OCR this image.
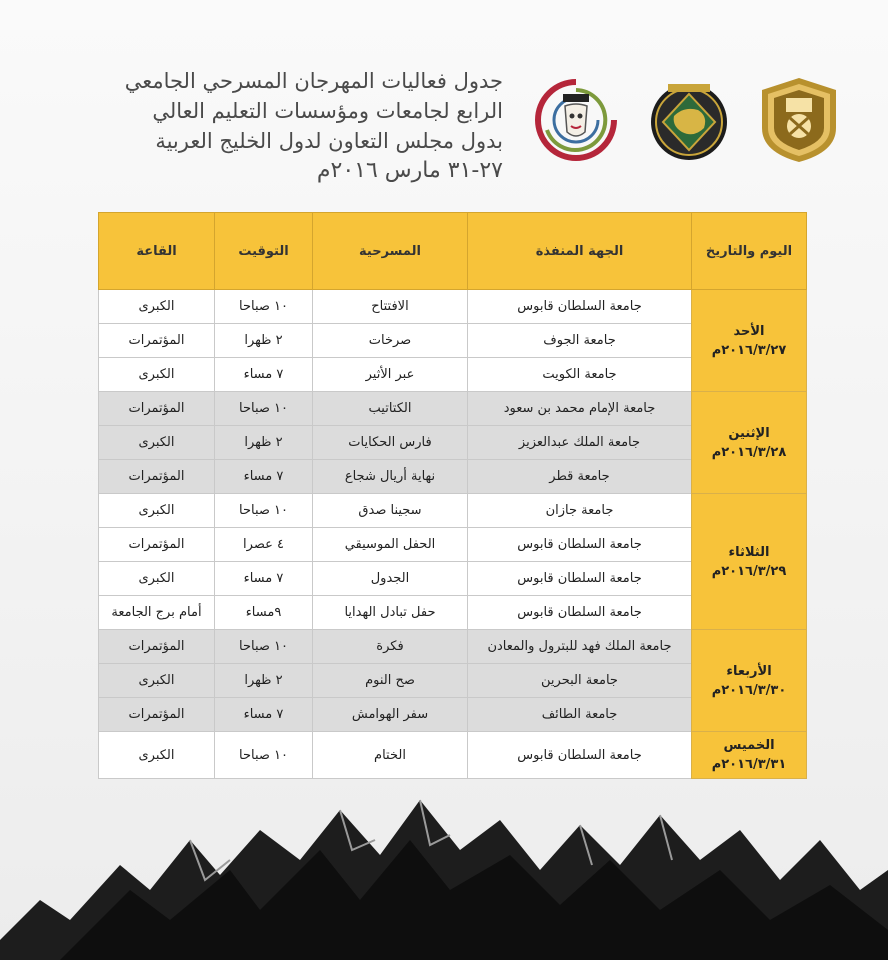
جدول فعاليات المهرجان المسرحي الجامعي
الرابع لجامعات ومؤسسات التعليم العالي
بدول مجلس التعاون لدول الخليج العربية
٢٧-٣١ مارس ٢٠١٦م
اليوم والتاريخ	الجهة المنفذة	المسرحية	التوقيت	القاعة

الأحد
٢٠١٦/٣/٢٧م	جامعة السلطان قابوس	الافتتاح	١٠ صباحا	الكبرى
	جامعة الجوف	صرخات	٢ ظهرا	المؤتمرات
	جامعة الكويت	عبر الأثير	٧ مساء	الكبرى

الإثنين
٢٠١٦/٣/٢٨م	جامعة الإمام محمد بن سعود	الكتاتيب	١٠ صباحا	المؤتمرات
	جامعة الملك عبدالعزيز	فارس الحكايات	٢ ظهرا	الكبرى
	جامعة قطر	نهاية أريال شجاع	٧ مساء	المؤتمرات

الثلاثاء
٢٠١٦/٣/٢٩م	جامعة جازان	سجينا صدق	١٠ صباحا	الكبرى
	جامعة السلطان قابوس	الحفل الموسيقي	٤ عصرا	المؤتمرات
	جامعة السلطان قابوس	الجدول	٧ مساء	الكبرى
	جامعة السلطان قابوس	حفل تبادل الهدايا	٩مساء	أمام برج الجامعة

الأربعاء
٢٠١٦/٣/٣٠م	جامعة الملك فهد للبترول والمعادن	فكرة	١٠ صباحا	المؤتمرات
	جامعة البحرين	صح النوم	٢ ظهرا	الكبرى
	جامعة الطائف	سفر الهوامش	٧ مساء	المؤتمرات

الخميس
٢٠١٦/٣/٣١م	جامعة السلطان قابوس	الختام	١٠ صباحا	الكبرى
